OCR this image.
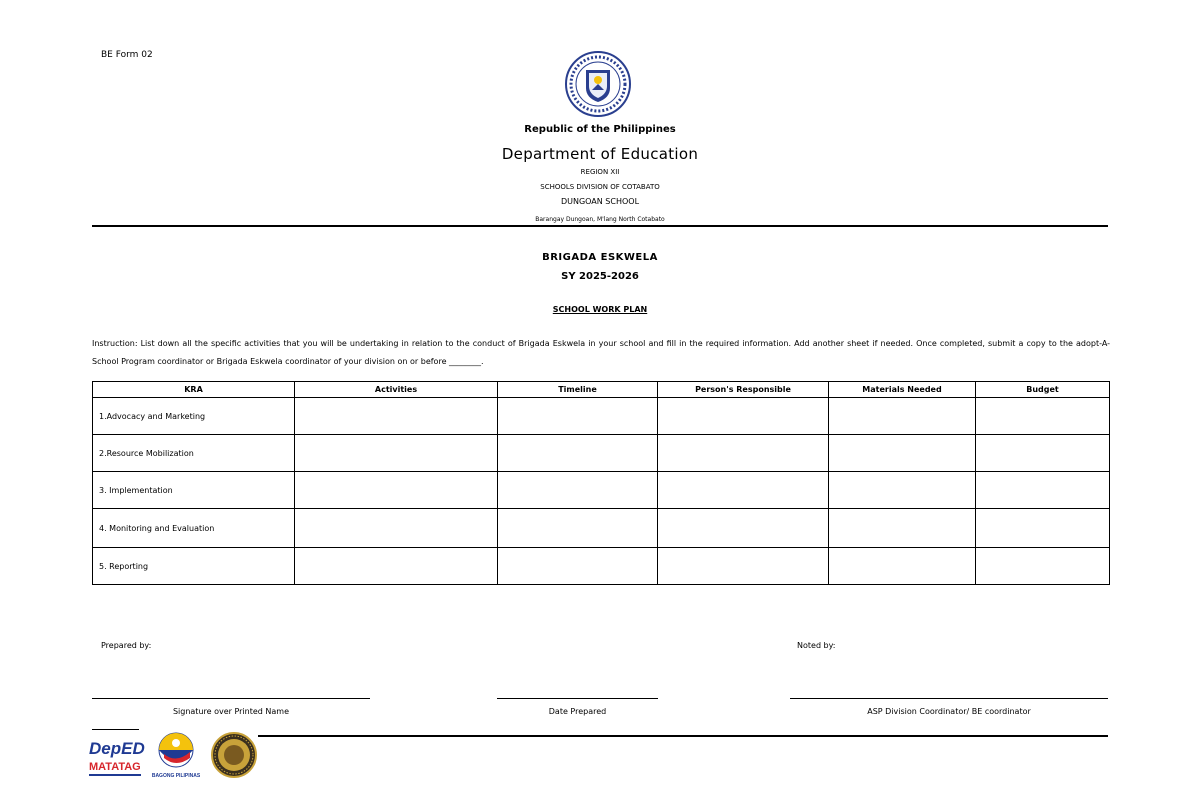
BE Form 02
Republic of the Philippines
Department of Education
REGION XII
SCHOOLS DIVISION OF COTABATO
DUNGOAN SCHOOL
Barangay Dungoan, M'lang North Cotabato
BRIGADA ESKWELA
SY 2025-2026
SCHOOL WORK PLAN
Instruction: List down all the specific activities that you will be undertaking in relation to the conduct of Brigada Eskwela in your school and fill in the required information. Add another sheet if needed. Once completed, submit a copy to the adopt-A-School Program coordinator or Brigada Eskwela coordinator of your division on or before ________.
KRA	Activities	Timeline	Person's Responsible	Materials Needed	Budget
1.Advocacy and Marketing					
2.Resource Mobilization					
3. Implementation					
4. Monitoring and Evaluation					
5. Reporting					
Prepared by:	Noted by:
Signature over Printed Name	Date Prepared	ASP Division Coordinator/ BE coordinator
DepED
MATATAG
BAGONG PILIPINAS
